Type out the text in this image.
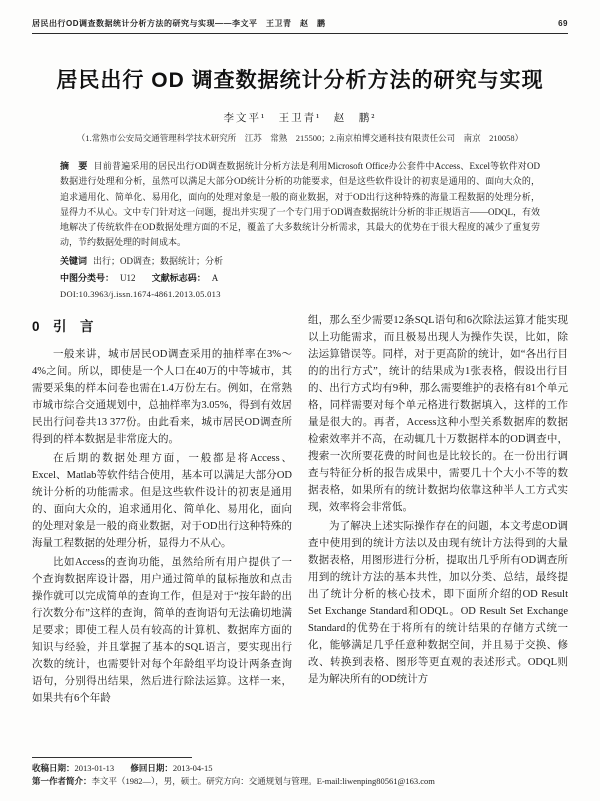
居民出行OD调查数据统计分析方法的研究与实现——李文平　王卫青　赵　鹏	69
居民出行 OD 调查数据统计分析方法的研究与实现
李文平¹　王卫青¹　赵　鹏²
（1.常熟市公安局交通管理科学技术研究所　江苏　常熟　215500；2.南京柏博交通科技有限责任公司　南京　210058）
摘　要 目前普遍采用的居民出行OD调查数据统计分析方法是利用Microsoft Office办公套件中Access、Excel等软件对OD数据进行处理和分析，虽然可以满足大部分OD统计分析的功能要求，但是这些软件设计的初衷是通用的、面向大众的，追求通用化、简单化、易用化，面向的处理对象是一般的商业数据，对于OD出行这种特殊的海量工程数据的处理分析，显得力不从心。文中专门针对这一问题，提出并实现了一个专门用于OD调查数据统计分析的非正规语言——ODQL，有效地解决了传统软件在OD数据处理方面的不足，覆盖了大多数统计分析需求，其最大的优势在于很大程度的减少了重复劳动，节约数据处理的时间成本。
关键词 出行；OD调查；数据统计；分析
中图分类号： U12 文献标志码： A
DOI:10.3963/j.issn.1674-4861.2013.05.013
0　引　言

一般来讲，城市居民OD调查采用的抽样率在3%～4%之间。所以，即使是一个人口在40万的中等城市，其需要采集的样本问卷也需在1.4万份左右。例如，在常熟市城市综合交通规划中，总抽样率为3.05%，得到有效居民出行问卷共13 377份。由此看来，城市居民OD调查所得到的样本数据是非常庞大的。

在后期的数据处理方面，一般都是将Access、Excel、Matlab等软件结合使用，基本可以满足大部分OD统计分析的功能需求。但是这些软件设计的初衷是通用的、面向大众的，追求通用化、简单化、易用化，面向的处理对象是一般的商业数据，对于OD出行这种特殊的海量工程数据的处理分析，显得力不从心。

比如Access的查询功能，虽然给所有用户提供了一个查询数据库设计器，用户通过简单的鼠标拖放和点击操作就可以完成简单的查询工作，但是对于“按年龄的出行次数分布”这样的查询，简单的查询语句无法确切地满足要求；即使工程人员有较高的计算机、数据库方面的知识与经验，并且掌握了基本的SQL语言，要实现出行次数的统计，也需要针对每个年龄组平均设计两条查询语句，分别得出结果，然后进行除法运算。这样一来，如果共有6个年龄

组，那么至少需要12条SQL语句和6次除法运算才能实现以上功能需求，而且极易出现人为操作失误，比如，除法运算错误等。同样，对于更高阶的统计，如“各出行目的的出行方式”，统计的结果成为1张表格，假设出行目的、出行方式均有9种，那么需要维护的表格有81个单元格，同样需要对每个单元格进行数据填入，这样的工作量是很大的。再者，Access这种小型关系数据库的数据检索效率并不高，在动辄几十万数据样本的OD调查中，搜索一次所要花费的时间也是比较长的。在一份出行调查与特征分析的报告成果中，需要几十个大小不等的数据表格，如果所有的统计数据均依靠这种半人工方式实现，效率将会非常低。

为了解决上述实际操作存在的问题，本文考虑OD调查中使用到的统计方法以及由现有统计方法得到的大量数据表格，用图形进行分析，提取出几乎所有OD调查所用到的统计方法的基本共性，加以分类、总结，最终提出了统计分析的核心技术，即下面所介绍的OD Result Set Exchange Standard和ODQL。OD Result Set Exchange Standard的优势在于将所有的统计结果的存储方式统一化，能够满足几乎任意种数据空间，并且易于交换、修改、转换到表格、图形等更直观的表述形式。ODQL则是为解决所有的OD统计方

收稿日期：2013-01-13 修回日期：2013-04-15
第一作者简介：李文平（1982—），男，硕士。研究方向：交通规划与管理。E-mail:liwenping80561@163.com
